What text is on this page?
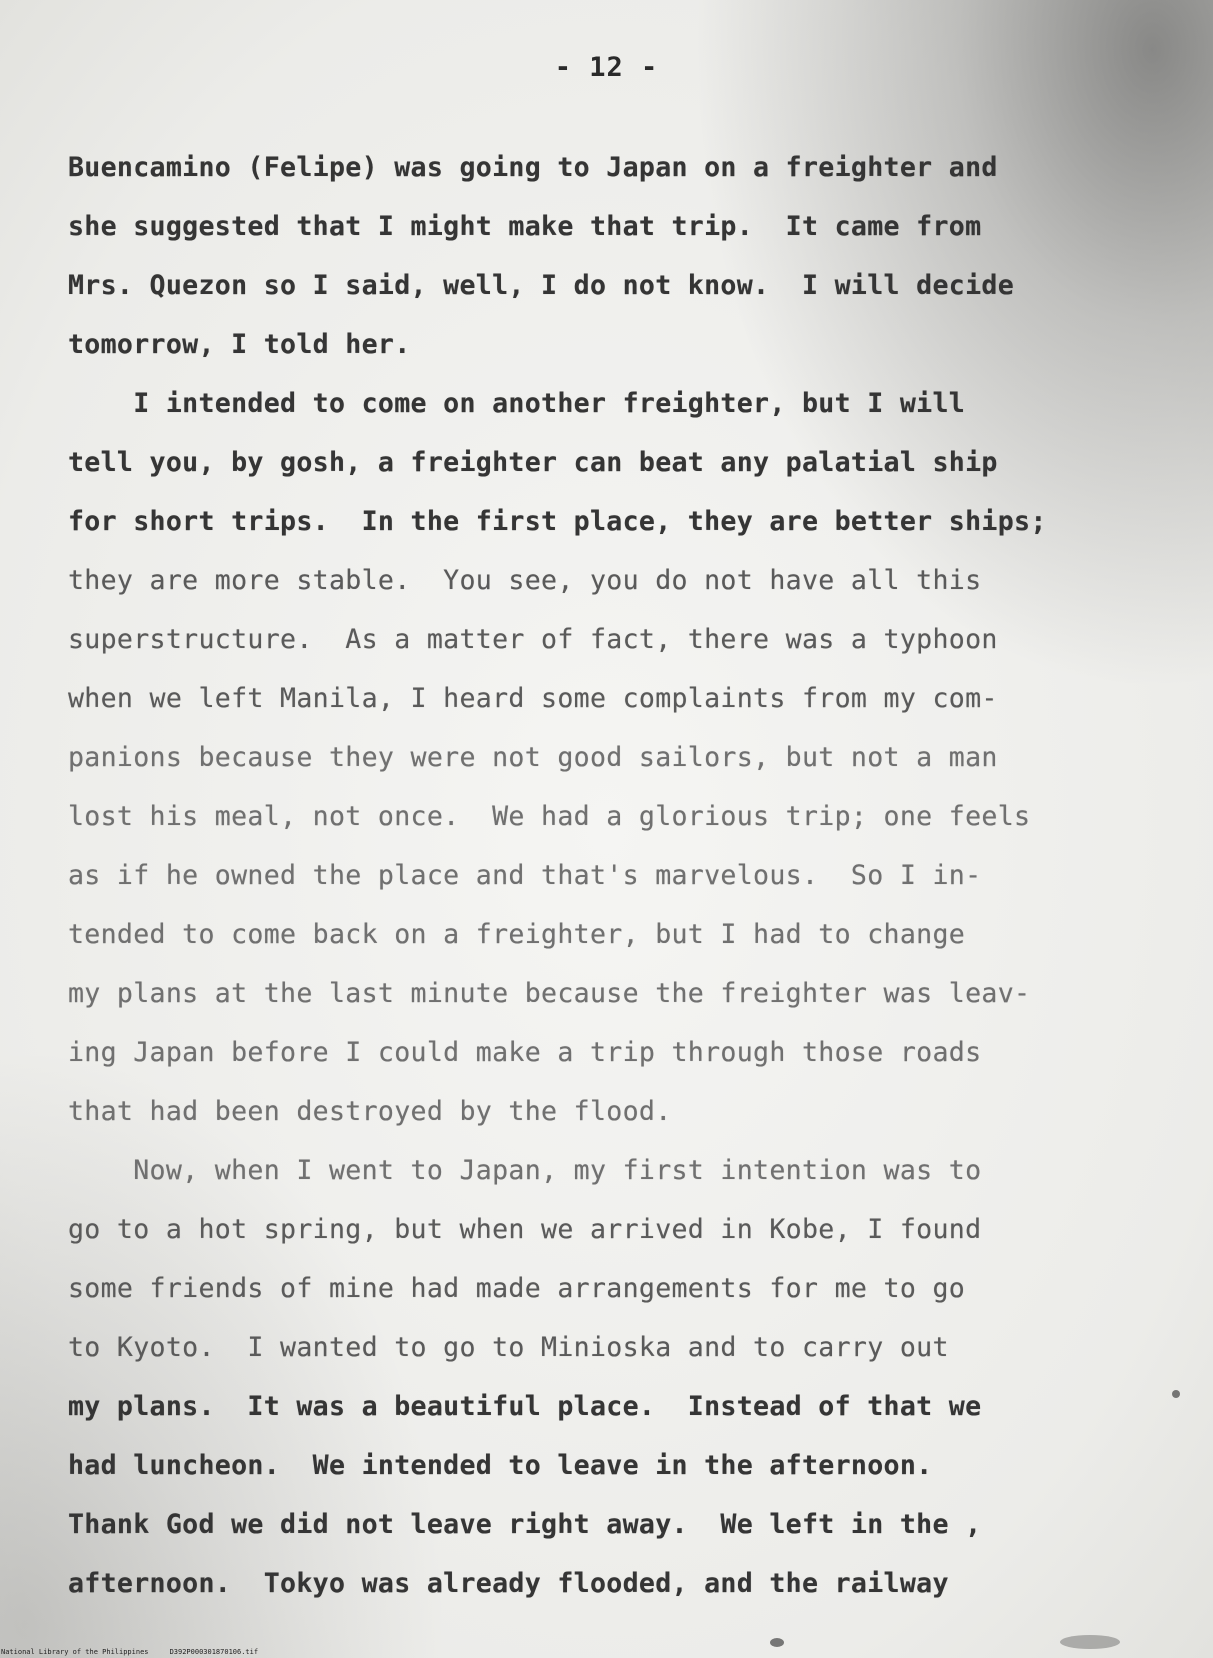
- 12 -
Buencamino (Felipe) was going to Japan on a freighter and
she suggested that I might make that trip.  It came from
Mrs. Quezon so I said, well, I do not know.  I will decide
tomorrow, I told her.
I intended to come on another freighter, but I will
tell you, by gosh, a freighter can beat any palatial ship
for short trips.  In the first place, they are better ships;
they are more stable.  You see, you do not have all this
superstructure.  As a matter of fact, there was a typhoon
when we left Manila, I heard some complaints from my com-
panions because they were not good sailors, but not a man
lost his meal, not once.  We had a glorious trip; one feels
as if he owned the place and that's marvelous.  So I in-
tended to come back on a freighter, but I had to change
my plans at the last minute because the freighter was leav-
ing Japan before I could make a trip through those roads
that had been destroyed by the flood.
Now, when I went to Japan, my first intention was to
go to a hot spring, but when we arrived in Kobe, I found
some friends of mine had made arrangements for me to go
to Kyoto.  I wanted to go to Minioska and to carry out
my plans.  It was a beautiful place.  Instead of that we
had luncheon.  We intended to leave in the afternoon.
Thank God we did not leave right away.  We left in the ,
afternoon.  Tokyo was already flooded, and the railway
National Library of the Philippines     D392P000301870106.tif
